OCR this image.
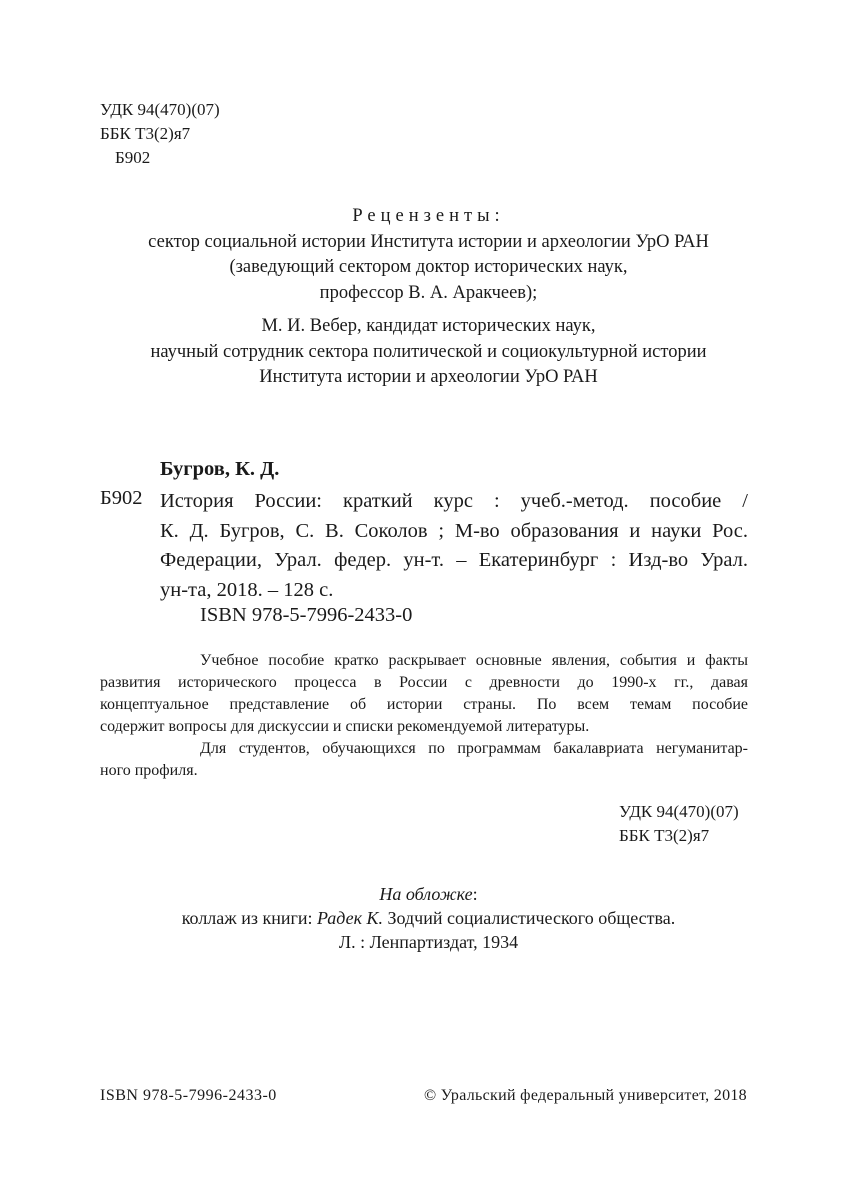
УДК 94(470)(07)
ББК Т3(2)я7
Б902
Рецензенты:
сектор социальной истории Института истории и археологии УрО РАН
(заведующий сектором доктор исторических наук,
профессор В. А. Аракчеев);
М. И. Вебер, кандидат исторических наук,
научный сотрудник сектора политической и социокультурной истории
Института истории и археологии УрО РАН
Бугров, К. Д.
Б902 История России: краткий курс : учеб.-метод. пособие /
К. Д. Бугров, С. В. Соколов ; М-во образования и науки Рос.
Федерации, Урал. федер. ун-т. – Екатеринбург : Изд-во Урал.
ун-та, 2018. – 128 с.
ISBN 978-5-7996-2433-0
Учебное пособие кратко раскрывает основные явления, события и факты
развития исторического процесса в России с древности до 1990-х гг., давая
концептуальное представление об истории страны. По всем темам пособие
содержит вопросы для дискуссии и списки рекомендуемой литературы.
Для студентов, обучающихся по программам бакалавриата негуманитар-
ного профиля.
УДК 94(470)(07)
ББК Т3(2)я7
На обложке:
коллаж из книги: Радек К. Зодчий социалистического общества.
Л. : Ленпартиздат, 1934
ISBN 978-5-7996-2433-0	© Уральский федеральный университет, 2018
